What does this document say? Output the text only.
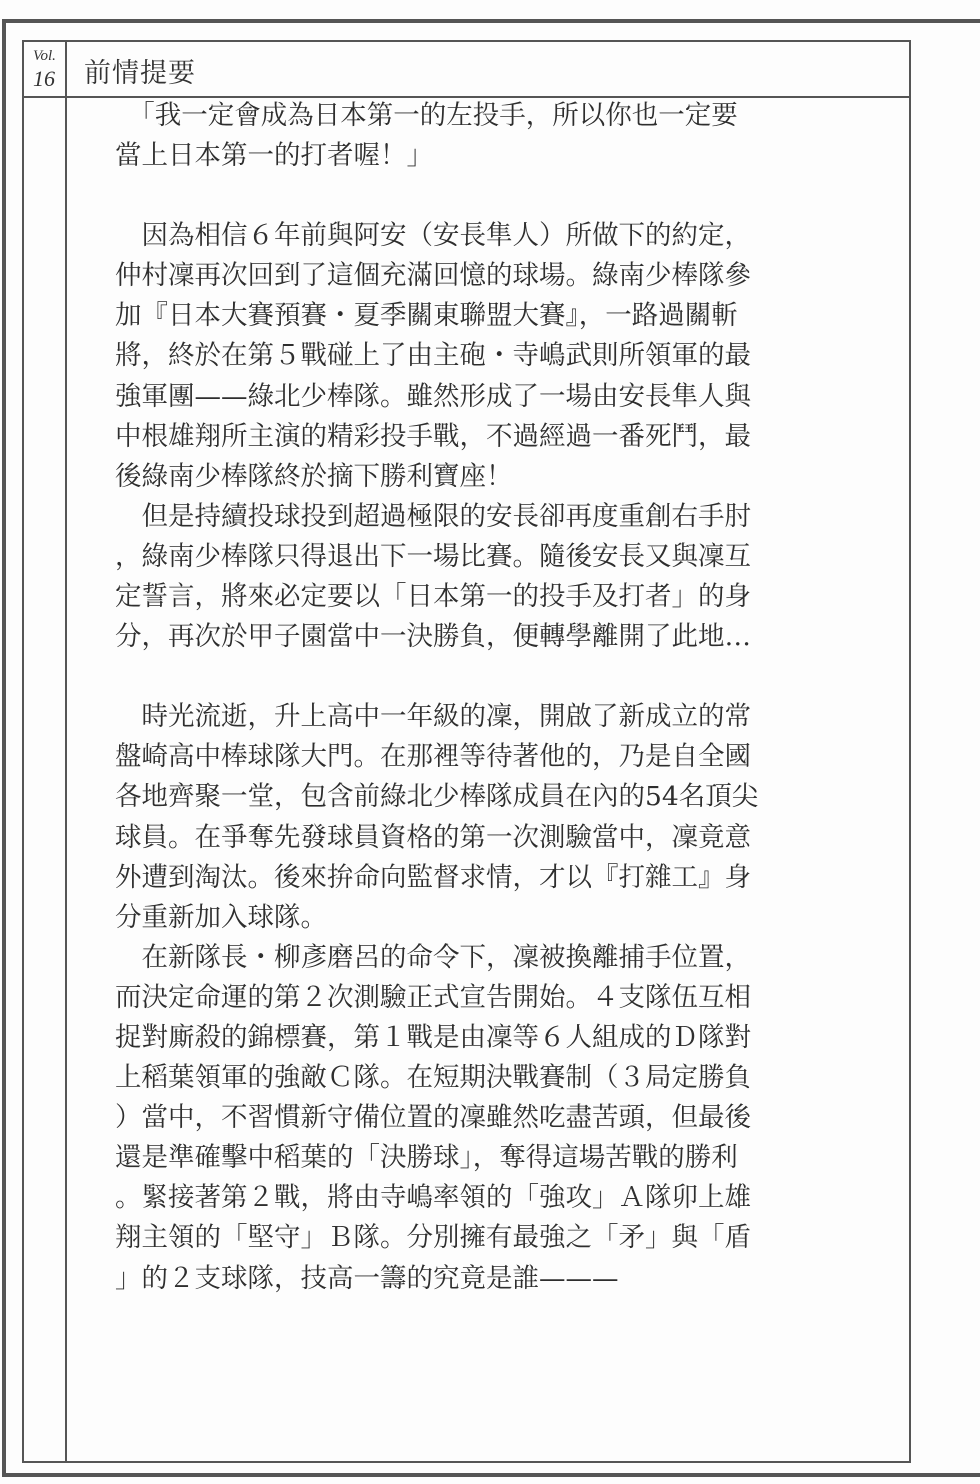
Vol.
16 前情提要

　「我一定會成為日本第一的左投手，所以你也一定要

當上日本第一的打者喔！」

　因為相信６年前與阿安（安長隼人）所做下的約定，

仲村凜再次回到了這個充滿回憶的球場。綠南少棒隊參

加『日本大賽預賽・夏季關東聯盟大賽』，一路過關斬

將，終於在第５戰碰上了由主砲・寺嶋武則所領軍的最

強軍團——綠北少棒隊。雖然形成了一場由安長隼人與

中根雄翔所主演的精彩投手戰，不過經過一番死鬥，最

後綠南少棒隊終於摘下勝利寶座！

　但是持續投球投到超過極限的安長卻再度重創右手肘

，綠南少棒隊只得退出下一場比賽。隨後安長又與凜互

定誓言，將來必定要以「日本第一的投手及打者」的身

分，再次於甲子園當中一決勝負，便轉學離開了此地…

　時光流逝，升上高中一年級的凜，開啟了新成立的常

盤崎高中棒球隊大門。在那裡等待著他的，乃是自全國

各地齊聚一堂，包含前綠北少棒隊成員在內的54名頂尖

球員。在爭奪先發球員資格的第一次測驗當中，凜竟意

外遭到淘汰。後來拚命向監督求情，才以『打雜工』身

分重新加入球隊。

　在新隊長・柳彥磨呂的命令下，凜被換離捕手位置，

而決定命運的第２次測驗正式宣告開始。４支隊伍互相

捉對廝殺的錦標賽，第１戰是由凜等６人組成的Ｄ隊對

上稻葉領軍的強敵Ｃ隊。在短期決戰賽制（３局定勝負

）當中，不習慣新守備位置的凜雖然吃盡苦頭，但最後

還是準確擊中稻葉的「決勝球」，奪得這場苦戰的勝利

。緊接著第２戰，將由寺嶋率領的「強攻」Ａ隊卯上雄

翔主領的「堅守」Ｂ隊。分別擁有最強之「矛」與「盾

」的２支球隊，技高一籌的究竟是誰———
